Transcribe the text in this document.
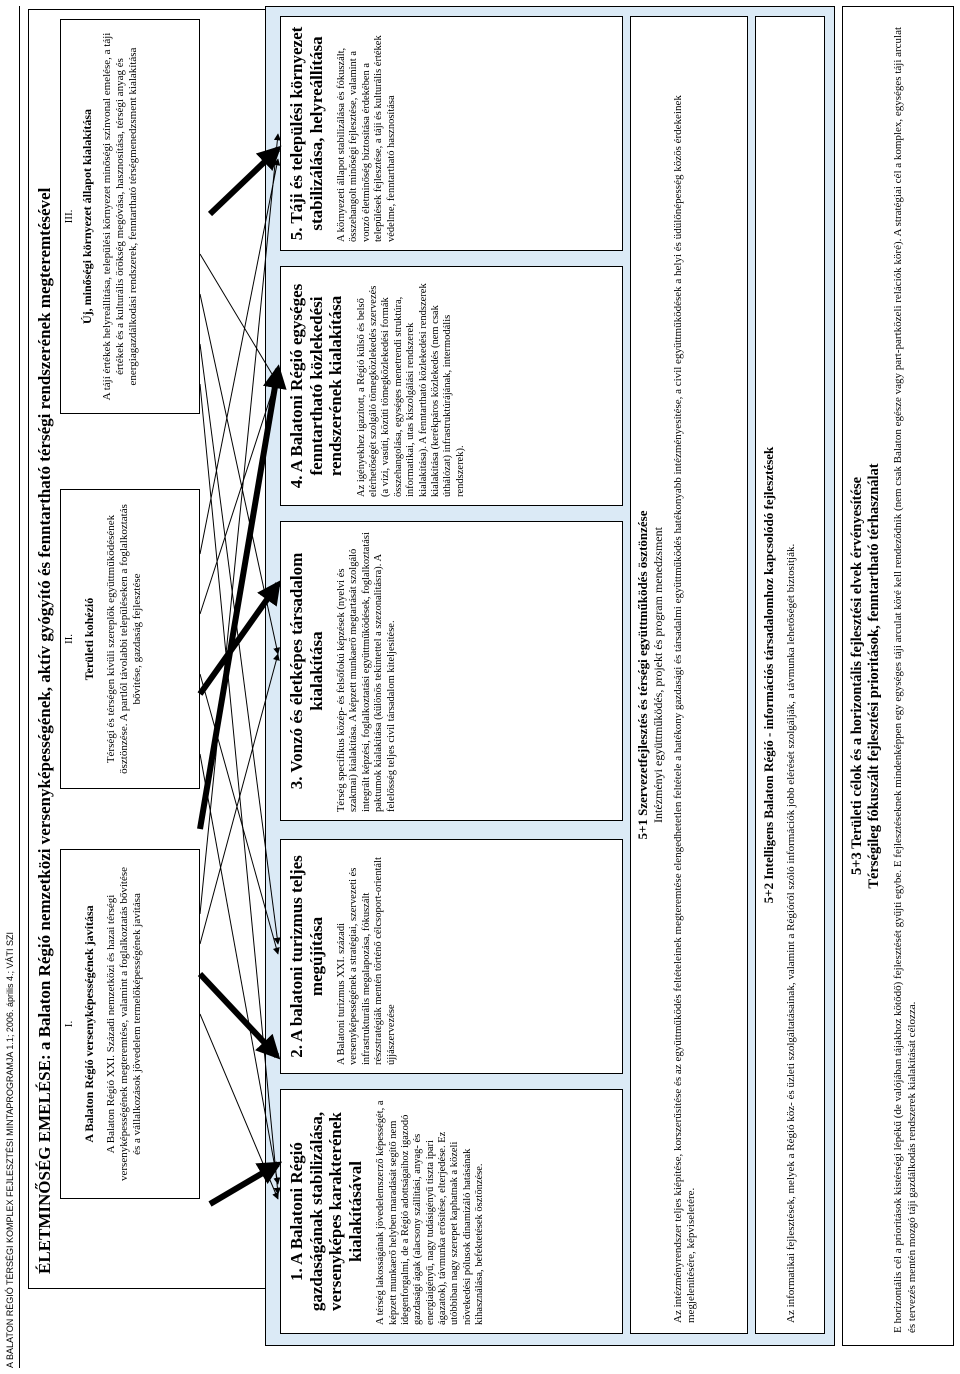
A BALATON RÉGIÓ TÉRSÉGI KOMPLEX FEJLESZTÉSI MINTAPROGRAMJA 1.1; 2006. április 4.; VÁTI SZI ÉLETMINŐSÉG EMELÉSE: a Balaton Régió nemzetközi versenyképességének, aktív gyógyító és fenntartható térségi rendszerének megteremtésével I. A Balaton Régió versenyképességének javítása A Balaton Régió XXI. Századi nemzetközi és hazai térségi versenyképességének megteremtése, valamint a foglalkoztatás bővítése és a vállalkozások jövedelem termelőképességének javítása
II. Területi kohézió Térségi és térségen kívüli szereplők együttműködésének ösztönzése. A partlól távolabbi településeken a foglalkoztatás bővítése, gazdaság fejlesztése
III. Új, minőségi környezet állapot kialakítása A tájí értékek helyreállítása, települési környezet minőségi színvonal emelése, a táji értékek és a kulturális örökség megóvása, hasznosítása, térségi anyag és energiagazdálkodási rendszerek, fenntartható térségmenedzsment kialakítása
1. A Balatoni Régió gazdaságának stabilizálása, versenyképes karakterének kialakításával A térség lakosságának jövedelemszerző képességét, a képzett munkaerő helyben maradását segítő nem idegenforgalmi, de a Régió adottságaihoz igazodó gazdasági ágak (alacsony szállítási, anyag- és energiaigényű, nagy tudásigényű tiszta ipari ágazatok), távmunka erősítése, elterjedése. Ez utóbbiban nagy szerepet kaphatnak a közeli növekedési pólusok dinamizáló hatásának kihasználása, befektetések ösztönzése.
2. A balatoni turizmus teljes megújítása A Balatoni turizmus XXI. századi versenyképességének a stratégiai, szervezeti és infrastrukturális megalapozása, fókuszált részstratégiák mentén történő célcsoport-orientált újjászervezése
3. Vonzó és életképes társadalom kialakítása Térség specifikus közép- és felsőfokú képzések (nyelvi és szakmai) kialakítása. A képzett munkaerő megtartását szolgáló integrált képzési, foglalkoztatási együttműködések, foglalkoztatási paktumok kialakítása (különös tekintettel a szezonalitásra). A felelősség teljes civil társadalom kiteljesítése.
4. A Balatoni Régió egységes fenntartható közlekedési rendszerének kialakítása Az igényekhez igazított, a Régió külső és belső elérhetőségét szolgáló tömegközlekedés szervezés (a vízi, vasúti, közúti tömegközlekedési formák összehangolása, egységes menetrendi struktúra, informatikai, utas kiszolgálási rendszerek kialakítása). A fenntartható közlekedési rendszerek kialakítása (kerékpáros közlekedés (nem csak úthálózat) infrastruktúrájának, intermodális rendszerek).
5. Táji és települési környezet stabilizálása, helyreállítása A környezeti állapot stabilizálása és fókuszált, összehangolt minőségi fejlesztése, valamint a vonzó életminőség biztosítása érdekében a települések fejlesztése, a táji és kulturális értékek védelme, fenntartható hasznosítása
5+1 Szervezetfejlesztés és térségi együttműködés ösztönzése Intézményi együttműködés, projekt és program menedzsment Az intézményrendszer teljes kiépítése, korszerűsítése és az együttműködés feltételeinek megteremtése elengedhetetlen feltétele a hatékony gazdasági és társadalmi együttműködés hatékonyabb intézményesítése, a civil együttműködések a helyi és üdülőnépesség közös érdekeinek megjelenítésére, képviseletére.
5+2 Intelligens Balaton Régió - információs társadalomhoz kapcsolódó fejlesztések Az informatikai fejlesztések, melyek a Régió köz- és üzleti szolgáltatásainak, valamint a Régióról szóló információk jobb elérését szolgálják, a távmunka lehetőségét biztosítják.	5+3 Területi célok és a horizontális fejlesztési elvek érvényesítése Térségileg fókuszált fejlesztési prioritások, fenntartható térhasználat E horizontális cél a prioritások kistérségi lépékű (de valójában tájakhoz kötődő) fejlesztését gyűjti egybe. E fejlesztéseknek mindenképpen egy egységes táji arculat köré kell rendeződnik (nem csak Balaton egésze vagy part-partközeli relációk köré). A stratégiai cél a komplex, egységes táji arculat és tervezés mentén mozgó táji gazdálkodás rendszerek kialakítását célozza.
